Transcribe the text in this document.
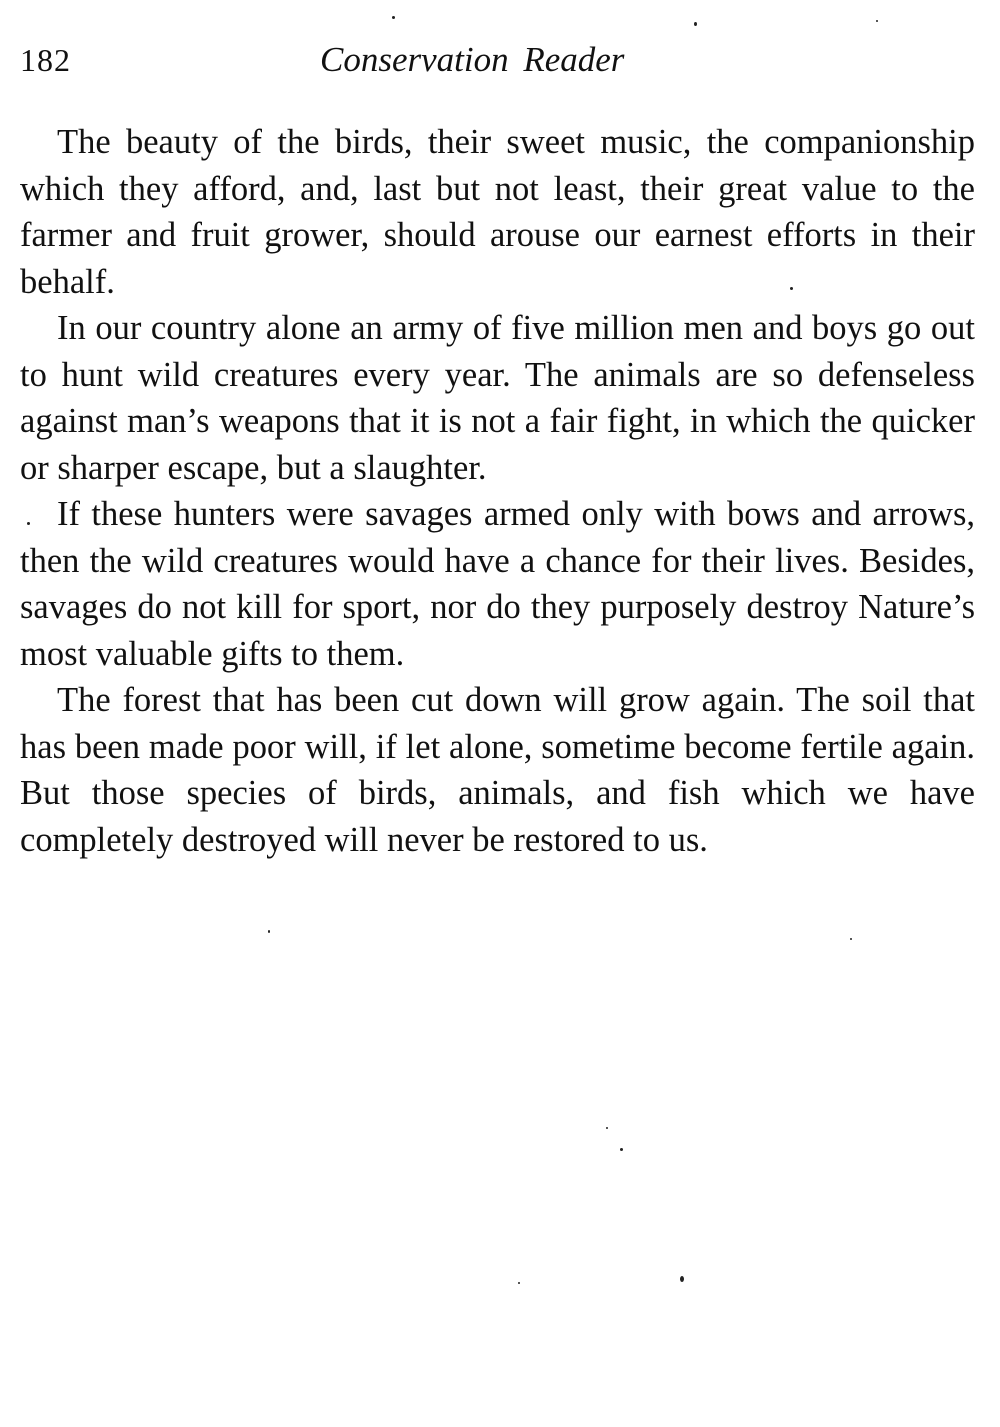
182	Conservation Reader

The beauty of the birds, their sweet music, the companionship which they afford, and, last but not least, their great value to the farmer and fruit grower, should arouse our earnest efforts in their behalf.

In our country alone an army of five million men and boys go out to hunt wild creatures every year. The animals are so defenseless against man’s weapons that it is not a fair fight, in which the quicker or sharper escape, but a slaughter.

If these hunters were savages armed only with bows and arrows, then the wild creatures would have a chance for their lives. Besides, savages do not kill for sport, nor do they purposely destroy Nature’s most valuable gifts to them.

The forest that has been cut down will grow again. The soil that has been made poor will, if let alone, sometime become fertile again. But those species of birds, animals, and fish which we have completely destroyed will never be restored to us.
